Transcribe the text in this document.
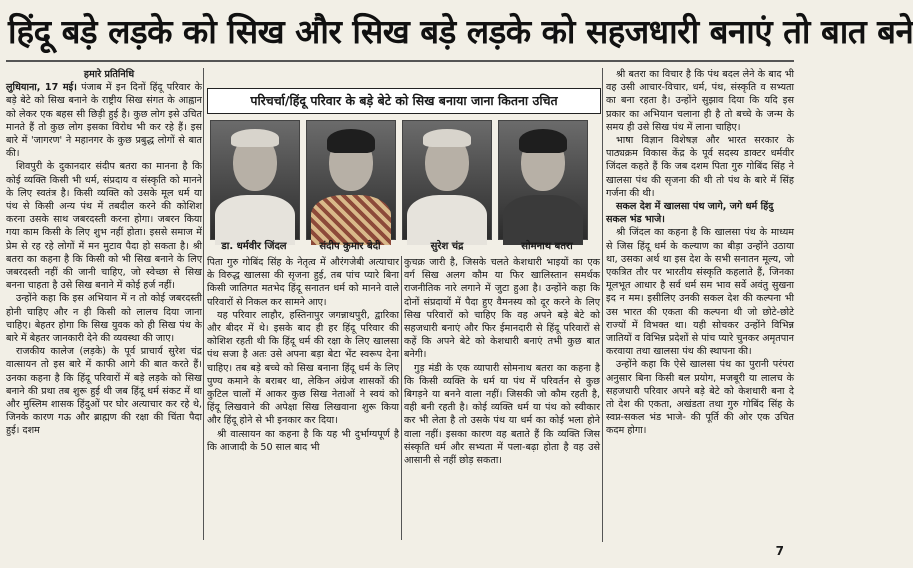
हिंदू बड़े लड़के को सिख और सिख बड़े लड़के को सहजधारी बनाएं तो बात बने

हमारे प्रतिनिधि

लुधियाना, 17 मई। पंजाब में इन दिनों हिंदू परिवार के बड़े बेटे को सिख बनाने के राष्ट्रीय सिख संगत के आह्वान को लेकर एक बहस सी छिड़ी हुई है। कुछ लोग इसे उचित मानते हैं तो कुछ लोग इसका विरोध भी कर रहे हैं। इस बारे में 'जागरण' ने महानगर के कुछ प्रबुद्ध लोगों से बात की।

शिवपुरी के दुकानदार संदीप बतरा का मानना है कि कोई व्यक्ति किसी भी धर्म, संप्रदाय व संस्कृति को मानने के लिए स्वतंत्र है। किसी व्यक्ति को उसके मूल धर्म या पंथ से किसी अन्य पंथ में तबदील करने की कोशिश करना उसके साथ जबरदस्ती करना होगा। जबरन किया गया काम किसी के लिए शुभ नहीं होता। इससे समाज में प्रेम से रह रहे लोगों में मन मुटाव पैदा हो सकता है। श्री बतरा का कहना है कि किसी को भी सिख बनाने के लिए जबरदस्ती नहीं की जानी चाहिए, जो स्वेच्छा से सिख बनना चाहता है उसे सिख बनाने में कोई हर्ज नहीं।

उन्होंने कहा कि इस अभियान में न तो कोई जबरदस्ती होनी चाहिए और न ही किसी को लालच दिया जाना चाहिए। बेहतर होगा कि सिख युवक को ही सिख पंथ के बारे में बेहतर जानकारी देने की व्यवस्था की जाए।

राजकीय कालेज (लड़के) के पूर्व प्राचार्य सुरेश चंद्र वात्सायन तो इस बारे में काफी आगे की बात करते हैं। उनका कहना है कि हिंदू परिवारों में बड़े लड़के को सिख बनाने की प्रथा तब शुरू हुई थी जब हिंदू धर्म संकट में था और मुस्लिम शासक हिंदुओं पर घोर अत्याचार कर रहे थे, जिनके कारण गऊ और ब्राह्मण की रक्षा की चिंता पैदा हुई। दशम

परिचर्चा/हिंदू परिवार के बड़े बेटे को सिख बनाया जाना कितना उचित
डा. धर्मवीर जिंदल	संदीप कुमार बेदी	सुरेश चंद्र	सोमनाथ बतरा

पिता गुरु गोबिंद सिंह के नेतृत्व में औरंगजेबी अत्याचार के विरुद्ध खालसा की सृजना हुई, तब पांच प्यारे बिना किसी जातिगत मतभेद हिंदू सनातन धर्म को मानने वाले परिवारों से निकल कर सामने आए।

यह परिवार लाहौर, हस्तिनापुर जगन्नाथपुरी, द्वारिका और बीदर में थे। इसके बाद ही हर हिंदू परिवार की कोशिश रहती थी कि हिंदू धर्म की रक्षा के लिए खालसा पंथ सजा है अतः उसे अपना बड़ा बेटा भेंट स्वरूप देना चाहिए। तब बड़े बच्चे को सिख बनाना हिंदू धर्म के लिए पुण्य कमाने के बराबर था, लेकिन अंग्रेज शासकों की कुटिल चालों में आकर कुछ सिख नेताओं ने स्वयं को हिंदू लिखवाने की अपेक्षा सिख लिखवाना शुरू किया और हिंदू होने से भी इनकार कर दिया।

श्री वात्सायन का कहना है कि यह भी दुर्भाग्यपूर्ण है कि आजादी के 50 साल बाद भी

कुचक्र जारी है, जिसके चलते केशधारी भाइयों का एक वर्ग सिख अलग कौम या फिर खालिस्तान समर्थक राजनीतिक नारे लगाने में जुटा हुआ है। उन्होंने कहा कि दोनों संप्रदायों में पैदा हुए वैमनस्य को दूर करने के लिए सिख परिवारों को चाहिए कि वह अपने बड़े बेटे को सहजधारी बनाएं और फिर ईमानदारी से हिंदू परिवारों से कहें कि अपने बेटे को केशधारी बनाएं तभी कुछ बात बनेगी।

गुड़ मंडी के एक व्यापारी सोमनाथ बतरा का कहना है कि किसी व्यक्ति के धर्म या पंथ में परिवर्तन से कुछ बिगड़ने या बनने वाला नहीं। जिसकी जो कौम रहती है, वही बनी रहती है। कोई व्यक्ति धर्म या पंथ को स्वीकार कर भी लेता है तो उसके पंथ या धर्म का कोई भला होने वाला नहीं। इसका कारण वह बताते हैं कि व्यक्ति जिस संस्कृति धर्म और सभ्यता में पला-बढ़ा होता है वह उसे आसानी से नहीं छोड़ सकता।

श्री बतरा का विचार है कि पंथ बदल लेने के बाद भी वह उसी आचार-विचार, धर्म, पंथ, संस्कृति व सभ्यता का बना रहता है। उन्होंने सुझाव दिया कि यदि इस प्रकार का अभियान चलाना ही है तो बच्चे के जन्म के समय ही उसे सिख पंथ में लाना चाहिए।

भाषा विज्ञान विशेषज्ञ और भारत सरकार के पाठ्यक्रम विकास केंद्र के पूर्व सदस्य डाक्टर धर्मवीर जिंदल कहते हैं कि जब दशम पिता गुरु गोबिंद सिंह ने खालसा पंथ की सृजना की थी तो पंथ के बारे में सिंह गर्जना की थी।

सकल देश में खालसा पंथ जागे, जगे धर्म हिंदु सकल भंड भाजे।

श्री जिंदल का कहना है कि खालसा पंथ के माध्यम से जिस हिंदू धर्म के कल्याण का बीड़ा उन्होंने उठाया था, उसका अर्थ था इस देश के सभी सनातन मूल्य, जो एकत्रित तौर पर भारतीय संस्कृति कहलाते हैं, जिनका मूलभूत आधार है सर्व धर्म सम भाव सर्वे अवंतु सुखना इद न मम। इसीलिए उनकी सकल देश की कल्पना भी उस भारत की एकता की कल्पना थी जो छोटे-छोटे राज्यों में विभक्त था। यही सोचकर उन्होंने विभिन्न जातियों व विभिन्न प्रदेशों से पांच प्यारे चुनकर अमृतपान करवाया तथा खालसा पंथ की स्थापना की।

उन्होंने कहा कि ऐसे खालसा पंथ का पुरानी परंपरा अनुसार बिना किसी बल प्रयोग, मजबूरी या लालच के सहजधारी परिवार अपने बड़े बेटे को केशधारी बना दे तो देश की एकता, अखंडता तथा गुरु गोबिंद सिंह के स्वप्न-सकल भंड भाजे- की पूर्ति की ओर एक उचित कदम होगा।

7
